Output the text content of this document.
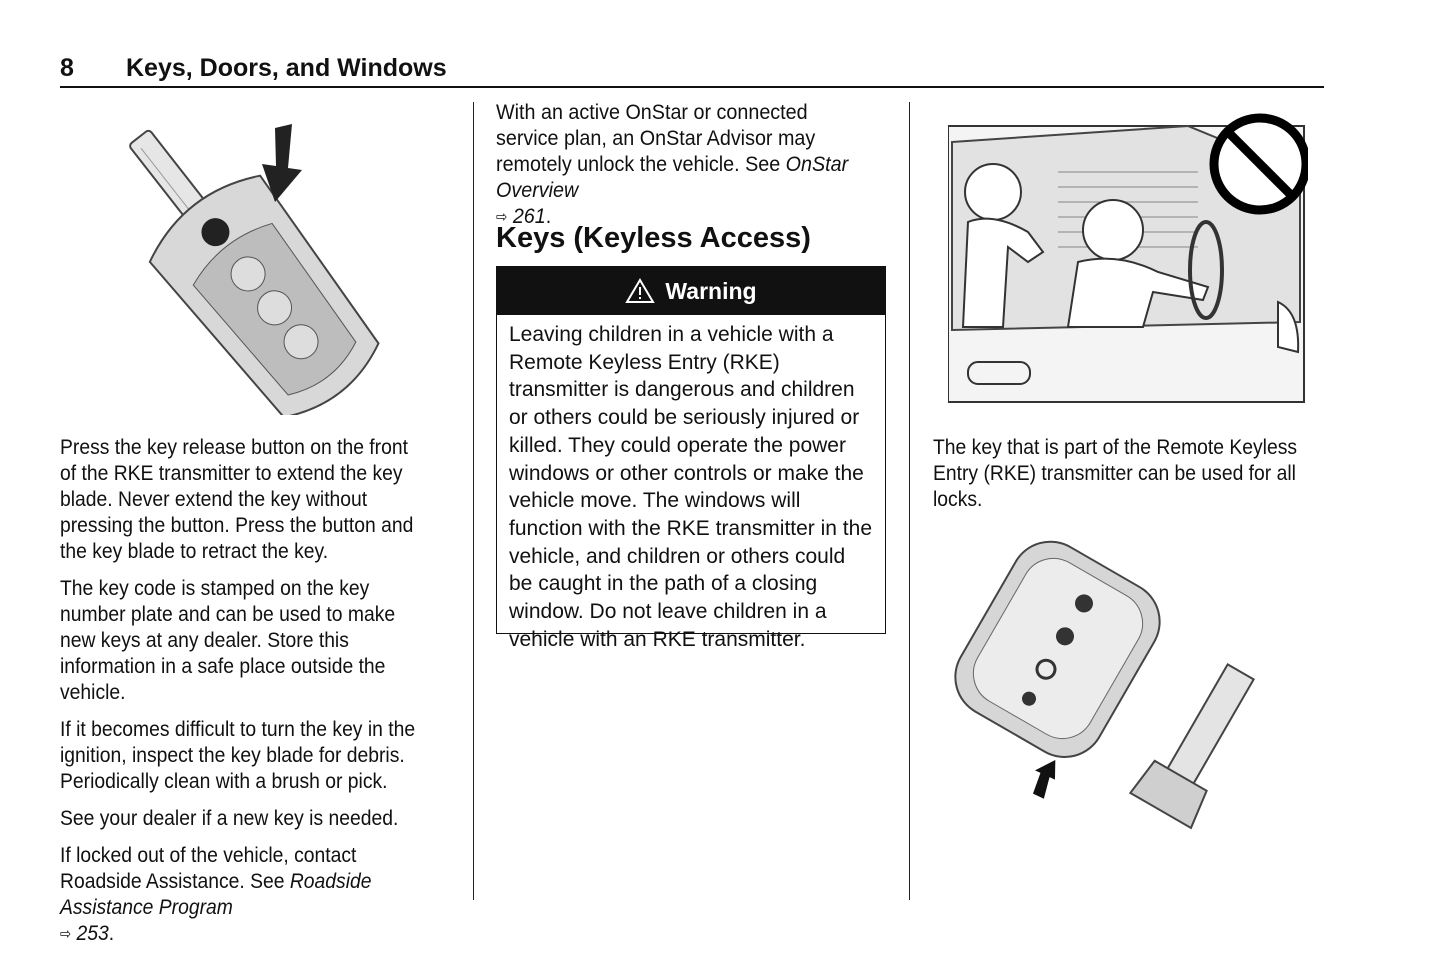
8 Keys, Doors, and Windows

Press the key release button on the front of the RKE transmitter to extend the key blade. Never extend the key without pressing the button. Press the button and the key blade to retract the key.

The key code is stamped on the key number plate and can be used to make new keys at any dealer. Store this information in a safe place outside the vehicle.

If it becomes difficult to turn the key in the ignition, inspect the key blade for debris. Periodically clean with a brush or pick.

See your dealer if a new key is needed.

If locked out of the vehicle, contact Roadside Assistance. See Roadside Assistance Program
⇨ 253.

With an active OnStar or connected service plan, an OnStar Advisor may remotely unlock the vehicle. See OnStar Overview
⇨ 261.

Keys (Keyless Access)
Warning
Leaving children in a vehicle with a Remote Keyless Entry (RKE) transmitter is dangerous and children or others could be seriously injured or killed. They could operate the power windows or other controls or make the vehicle move. The windows will function with the RKE transmitter in the vehicle, and children or others could be caught in the path of a closing window. Do not leave children in a vehicle with an RKE transmitter.

The key that is part of the Remote Keyless Entry (RKE) transmitter can be used for all locks.
